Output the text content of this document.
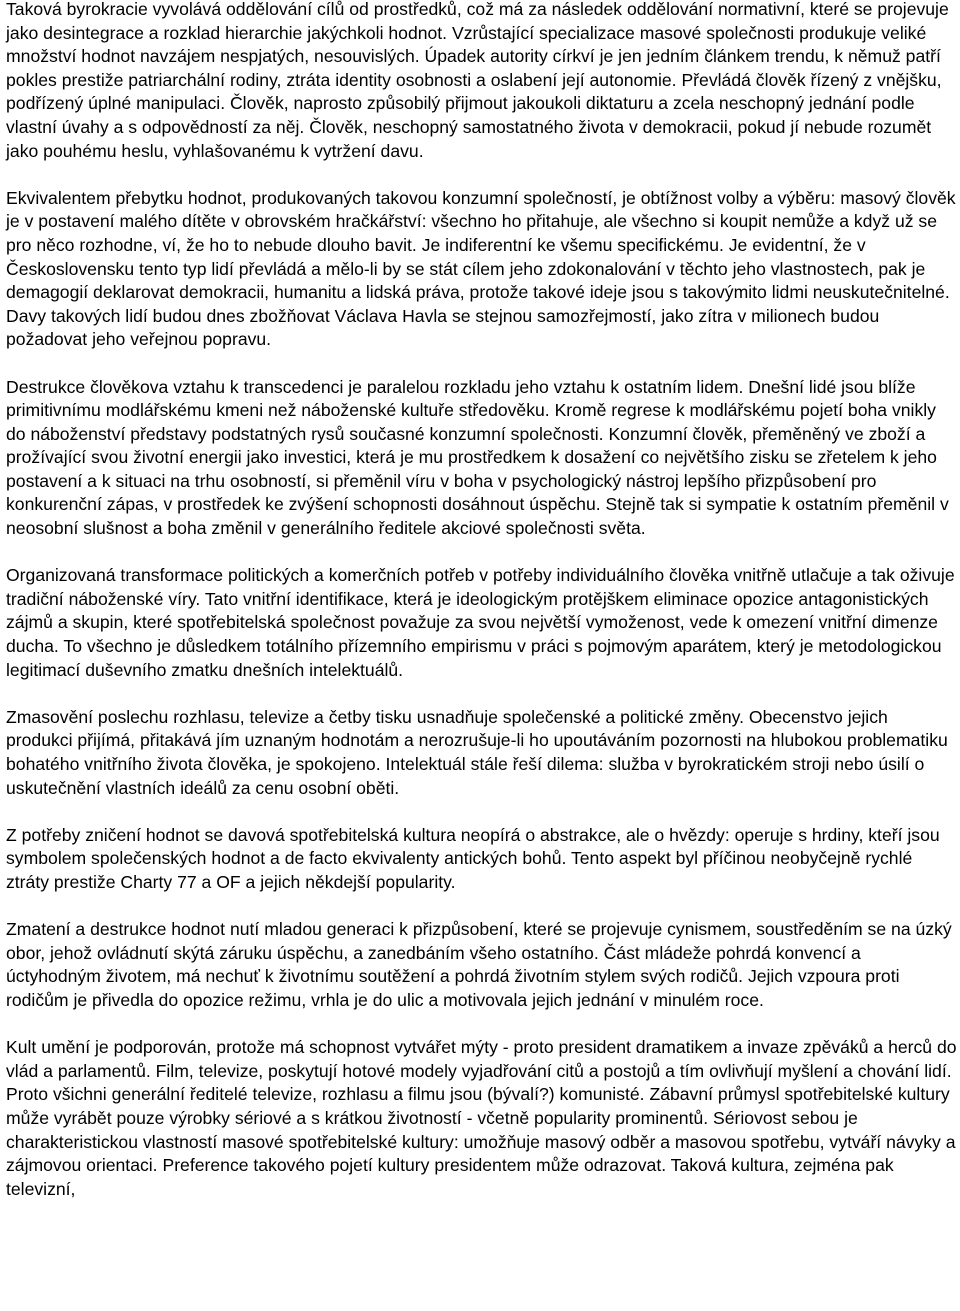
Taková byrokracie vyvolává oddělování cílů od prostředků, což má za následek oddělování normativní, které se projevuje jako desintegrace a rozklad hierarchie jakýchkoli hodnot. Vzrůstající specializace masové společnosti produkuje veliké množství hodnot navzájem nespjatých, nesouvislých. Úpadek autority církví je jen jedním článkem trendu, k němuž patří pokles prestiže patriarchální rodiny, ztráta identity osobnosti a oslabení její autonomie. Převládá člověk řízený z vnějšku, podřízený úplné manipulaci. Člověk, naprosto způsobilý přijmout jakoukoli diktaturu a zcela neschopný jednání podle vlastní úvahy a s odpovědností za něj. Člověk, neschopný samostatného života v demokracii, pokud jí nebude rozumět jako pouhému heslu, vyhlašovanému k vytržení davu.

Ekvivalentem přebytku hodnot, produkovaných takovou konzumní společností, je obtížnost volby a výběru: masový člověk je v postavení malého dítěte v obrovském hračkářství: všechno ho přitahuje, ale všechno si koupit nemůže a když už se pro něco rozhodne, ví, že ho to nebude dlouho bavit. Je indiferentní ke všemu specifickému. Je evidentní, že v Československu tento typ lidí převládá a mělo-li by se stát cílem jeho zdokonalování v těchto jeho vlastnostech, pak je demagogií deklarovat demokracii, humanitu a lidská práva, protože takové ideje jsou s takovýmito lidmi neuskutečnitelné. Davy takových lidí budou dnes zbožňovat Václava Havla se stejnou samozřejmostí, jako zítra v milionech budou požadovat jeho veřejnou popravu.

Destrukce člověkova vztahu k transcedenci je paralelou rozkladu jeho vztahu k ostatním lidem. Dnešní lidé jsou blíže primitivnímu modlářskému kmeni než náboženské kultuře středověku. Kromě regrese k modlářskému pojetí boha vnikly do náboženství představy podstatných rysů současné konzumní společnosti. Konzumní člověk, přeměněný ve zboží a prožívající svou životní energii jako investici, která je mu prostředkem k dosažení co největšího zisku se zřetelem k jeho postavení a k situaci na trhu osobností, si přeměnil víru v boha v psychologický nástroj lepšího přizpůsobení pro konkurenční zápas, v prostředek ke zvýšení schopnosti dosáhnout úspěchu. Stejně tak si sympatie k ostatním přeměnil v neosobní slušnost a boha změnil v generálního ředitele akciové společnosti světa.

Organizovaná transformace politických a komerčních potřeb v potřeby individuálního člověka vnitřně utlačuje a tak oživuje tradiční náboženské víry. Tato vnitřní identifikace, která je ideologickým protějškem eliminace opozice antagonistických zájmů a skupin, které spotřebitelská společnost považuje za svou největší vymoženost, vede k omezení vnitřní dimenze ducha. To všechno je důsledkem totálního přízemního empirismu v práci s pojmovým aparátem, který je metodologickou legitimací duševního zmatku dnešních intelektuálů.

Zmasovění poslechu rozhlasu, televize a četby tisku usnadňuje společenské a politické změny. Obecenstvo jejich produkci přijímá, přitakává jím uznaným hodnotám a nerozrušuje-li ho upoutáváním pozornosti na hlubokou problematiku bohatého vnitřního života člověka, je spokojeno. Intelektuál stále řeší dilema: služba v byrokratickém stroji nebo úsilí o uskutečnění vlastních ideálů za cenu osobní oběti.

Z potřeby zničení hodnot se davová spotřebitelská kultura neopírá o abstrakce, ale o hvězdy: operuje s hrdiny, kteří jsou symbolem společenských hodnot a de facto ekvivalenty antických bohů. Tento aspekt byl příčinou neobyčejně rychlé ztráty prestiže Charty 77 a OF a jejich někdejší popularity.

Zmatení a destrukce hodnot nutí mladou generaci k přizpůsobení, které se projevuje cynismem, soustředěním se na úzký obor, jehož ovládnutí skýtá záruku úspěchu, a zanedbáním všeho ostatního. Část mládeže pohrdá konvencí a úctyhodným životem, má nechuť k životnímu soutěžení a pohrdá životním stylem svých rodičů. Jejich vzpoura proti rodičům je přivedla do opozice režimu, vrhla je do ulic a motivovala jejich jednání v minulém roce.

Kult umění je podporován, protože má schopnost vytvářet mýty - proto president dramatikem a invaze zpěváků a herců do vlád a parlamentů. Film, televize, poskytují hotové modely vyjadřování citů a postojů a tím ovlivňují myšlení a chování lidí. Proto všichni generální ředitelé televize, rozhlasu a filmu jsou (bývalí?) komunisté. Zábavní průmysl spotřebitelské kultury může vyrábět pouze výrobky sériové a s krátkou životností - včetně popularity prominentů. Sériovost sebou je charakteristickou vlastností masové spotřebitelské kultury: umožňuje masový odběr a masovou spotřebu, vytváří návyky a zájmovou orientaci. Preference takového pojetí kultury presidentem může odrazovat. Taková kultura, zejména pak televizní,
